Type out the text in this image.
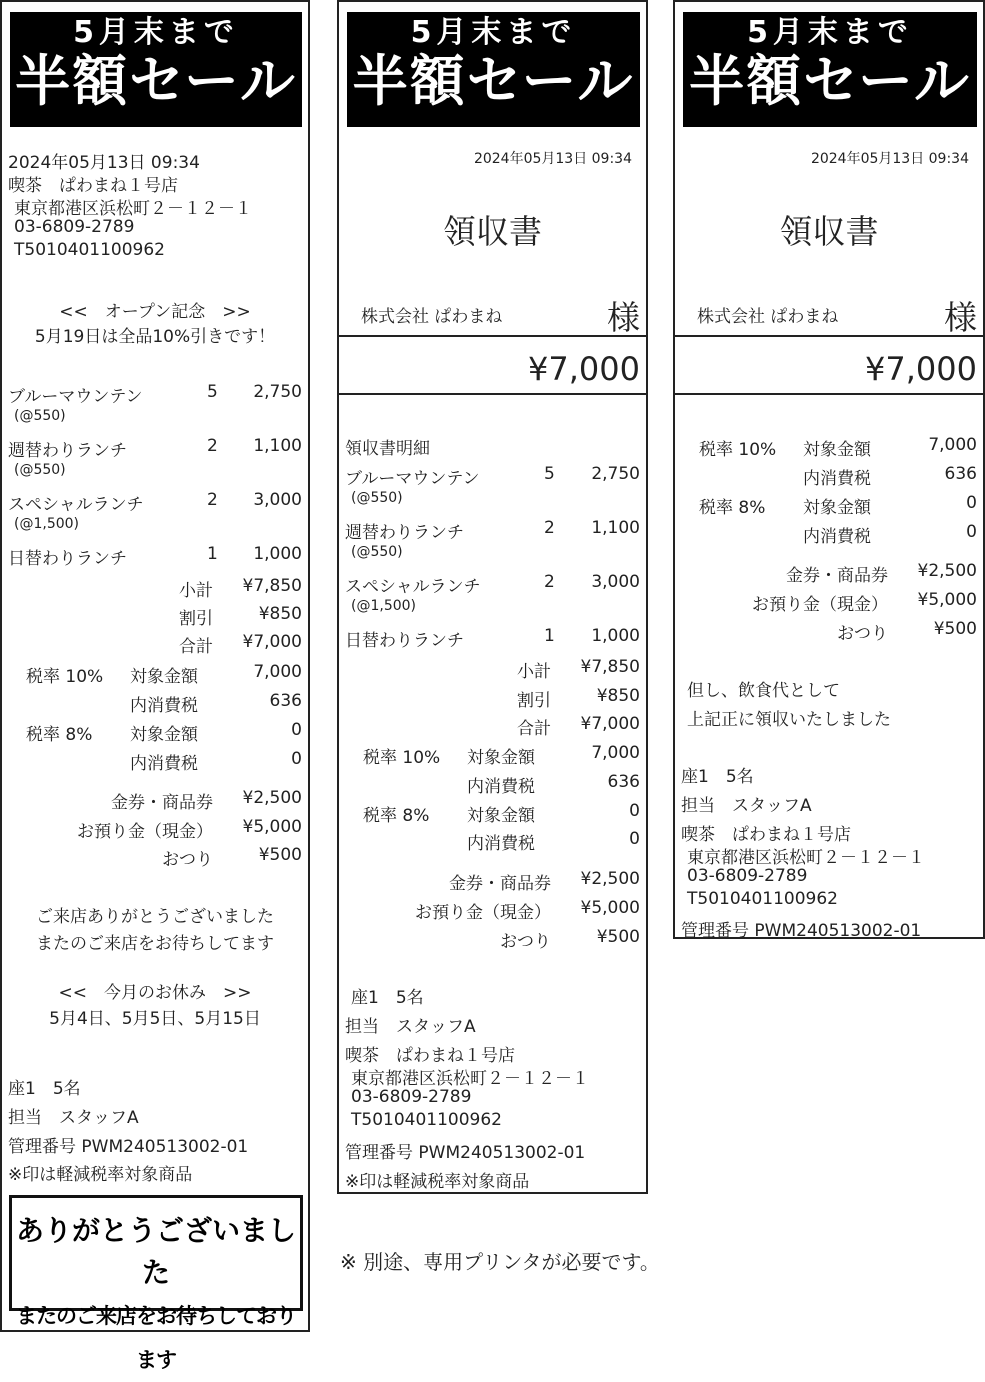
5月末まで
半額セール
2024年05月13日 09:34
喫茶　ぱわまね１号店
東京都港区浜松町２－１２－１
03-6809-2789
T5010401100962
<<　オープン記念　>>
5月19日は全品10%引きです！
ブルーマウンテン	5 2,750
(@550)
週替わりランチ	2 1,100
(@550)
スペシャルランチ	2 3,000
(@1,500)
日替わりランチ	1 1,000
小計 ¥7,850
割引	¥850
合計 ¥7,000
税率 10% 対象金額	7,000
内消費税	636
税率 8% 対象金額	0
内消費税	0
金券・商品券 ¥2,500
お預り金（現金） ¥5,000
おつり	¥500
ご来店ありがとうございました
またのご来店をお待ちしてます
<<　今月のお休み　>>
5月4日、5月5日、5月15日
座1　5名
担当　スタッフA
管理番号 PWM240513002-01
※印は軽減税率対象商品
ありがとうございました
またのご来店をお待ちしております
5月末まで
半額セール
2024年05月13日 09:34
領収書
株式会社 ぱわまね	様
¥7,000
領収書明細
ブルーマウンテン	5 2,750
(@550)
週替わりランチ	2 1,100
(@550)
スペシャルランチ	2 3,000
(@1,500)
日替わりランチ	1 1,000
小計 ¥7,850
割引	¥850
合計 ¥7,000
税率 10% 対象金額	7,000
内消費税	636
税率 8% 対象金額	0
内消費税	0
金券・商品券 ¥2,500
お預り金（現金） ¥5,000
おつり	¥500
座1　5名
担当　スタッフA
喫茶　ぱわまね１号店
東京都港区浜松町２－１２－１
03-6809-2789
T5010401100962
管理番号 PWM240513002-01
※印は軽減税率対象商品
5月末まで
半額セール
2024年05月13日 09:34
領収書
株式会社 ぱわまね	様
¥7,000
税率 10% 対象金額	7,000
内消費税	636
税率 8% 対象金額	0
内消費税	0
金券・商品券 ¥2,500
お預り金（現金） ¥5,000
おつり	¥500
但し、飲食代として
上記正に領収いたしました
座1　5名
担当　スタッフA
喫茶　ぱわまね１号店
東京都港区浜松町２－１２－１
03-6809-2789
T5010401100962
管理番号 PWM240513002-01
※ 別途、専用プリンタが必要です。
